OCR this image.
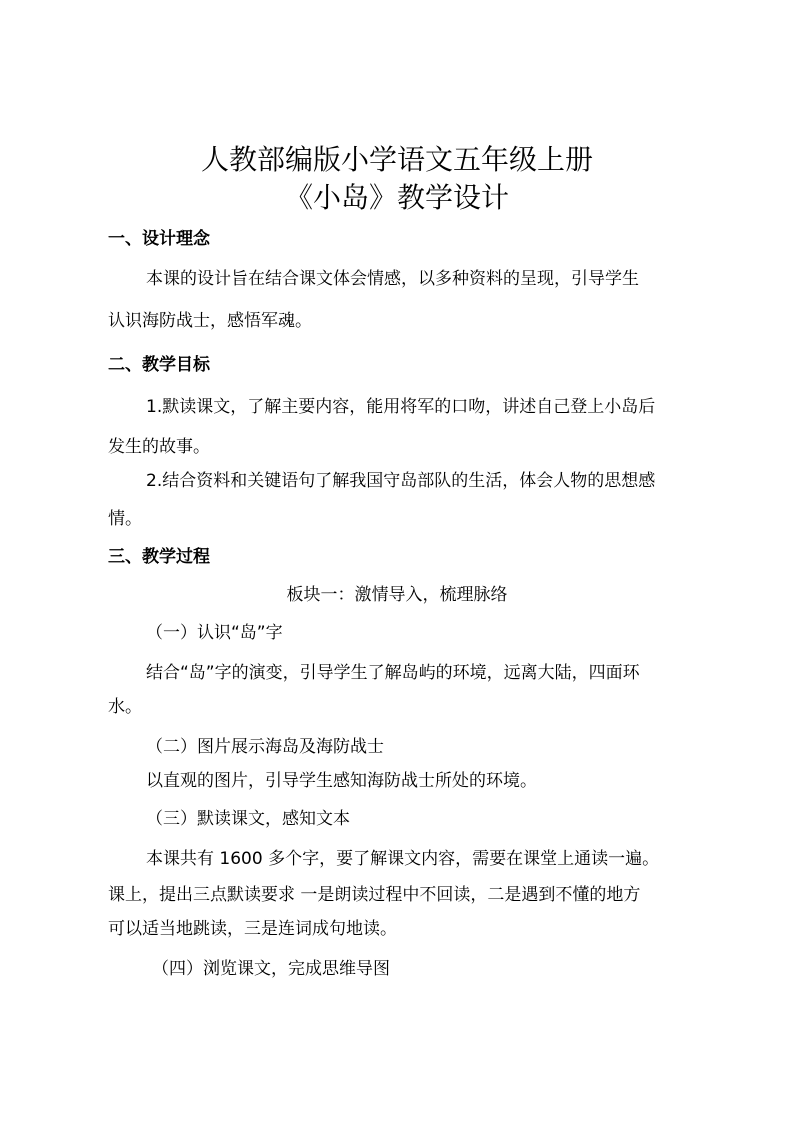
人教部编版小学语文五年级上册
《小岛》教学设计
一、设计理念
本课的设计旨在结合课文体会情感，以多种资料的呈现，引导学生
认识海防战士，感悟军魂。
二、教学目标
1.默读课文，了解主要内容，能用将军的口吻，讲述自己登上小岛后
发生的故事。
2.结合资料和关键语句了解我国守岛部队的生活，体会人物的思想感
情。
三、教学过程
板块一：激情导入，梳理脉络
（一）认识“岛”字
结合“岛”字的演变，引导学生了解岛屿的环境，远离大陆，四面环
水。
（二）图片展示海岛及海防战士
以直观的图片，引导学生感知海防战士所处的环境。
（三）默读课文，感知文本
本课共有 1600 多个字，要了解课文内容，需要在课堂上通读一遍。
课上，提出三点默读要求 一是朗读过程中不回读，二是遇到不懂的地方
可以适当地跳读，三是连词成句地读。
（四）浏览课文，完成思维导图
